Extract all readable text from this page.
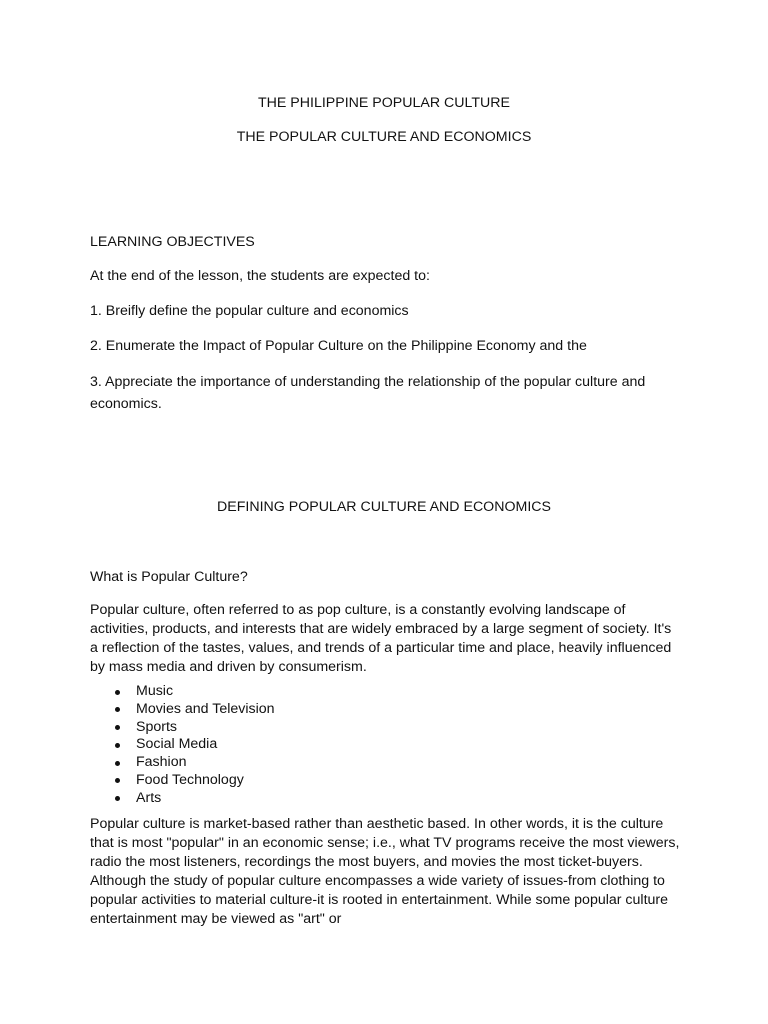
THE PHILIPPINE POPULAR CULTURE
THE POPULAR CULTURE AND ECONOMICS
LEARNING OBJECTIVES
At the end of the lesson, the students are expected to:
1. Breifly define the popular culture and economics
2. Enumerate the Impact of Popular Culture on the Philippine Economy and the
3. Appreciate the importance of understanding the relationship of the popular culture and economics.
DEFINING POPULAR CULTURE AND ECONOMICS
What is Popular Culture?
Popular culture, often referred to as pop culture, is a constantly evolving landscape of activities, products, and interests that are widely embraced by a large segment of society. It's a reflection of the tastes, values, and trends of a particular time and place, heavily influenced by mass media and driven by consumerism.
Music
Movies and Television
Sports
Social Media
Fashion
Food Technology
Arts
Popular culture is market-based rather than aesthetic based. In other words, it is the culture that is most "popular" in an economic sense; i.e., what TV programs receive the most viewers, radio the most listeners, recordings the most buyers, and movies the most ticket-buyers. Although the study of popular culture encompasses a wide variety of issues-from clothing to popular activities to material culture-it is rooted in entertainment. While some popular culture entertainment may be viewed as "art" or
